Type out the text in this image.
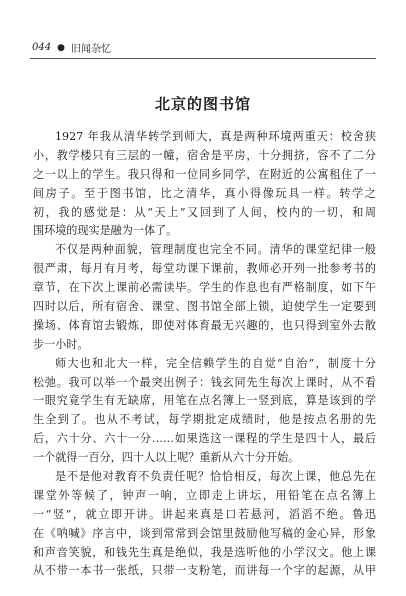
044 ● 旧闻杂忆
北京的图书馆
1927 年我从清华转学到师大，真是两种环境两重天：校舍狭
小，教学楼只有三层的一幢，宿舍是平房，十分拥挤，容不了二分
之一以上的学生。我只得和一位同乡同学，在附近的公寓租住了一
间房子。至于图书馆，比之清华，真小得像玩具一样。转学之
初，我的感觉是：从“天上”又回到了人间，校内的一切，和周
围环境的现实是融为一体了。
不仅是两种面貌，管理制度也完全不同。清华的课堂纪律一般
很严肃，每月有月考，每堂功课下课前，教师必开列一批参考书的
章节，在下次上课前必需读毕。学生的作息也有严格制度，如下午
四时以后，所有宿舍、课堂、图书馆全部上锁，迫使学生一定要到
操场、体育馆去锻炼，即使对体育最无兴趣的，也只得到室外去散
步一小时。
师大也和北大一样，完全信赖学生的自觉“自治”，制度十分
松弛。我可以举一个最突出例子：钱玄同先生每次上课时，从不看
一眼究竟学生有无缺席，用笔在点名簿上一竖到底，算是该到的学
生全到了。也从不考试，每学期批定成绩时，他是按点名册的先
后，六十分、六十一分……如果选这一课程的学生是四十人，最后
一个就得一百分，四十人以上呢？重新从六十分开始。
是不是他对教育不负责任呢？恰恰相反，每次上课，他总先在
课堂外等候了，钟声一响，立即走上讲坛，用铅笔在点名簿上
一“竖”，就立即开讲。讲起来真是口若悬河，滔滔不绝。鲁迅
在《呐喊》序言中，谈到常常到会馆里鼓励他写稿的金心异，形象
和声音笑貌，和钱先生真是绝似，我是选听他的小学汉文。他上课
从不带一本书一张纸，只带一支粉笔，而讲每一个字的起源，从甲
